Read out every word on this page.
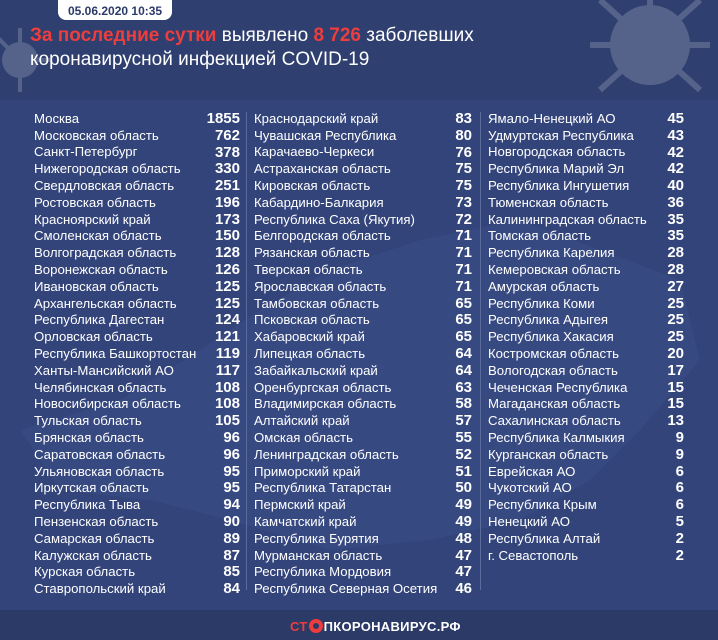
05.06.2020 10:35
За последние сутки выявлено 8 726 заболевших
коронавирусной инфекцией COVID-19
Москва	1855
Московская область	762
Санкт-Петербург	378
Нижегородская область 330
Свердловская область	251
Ростовская область	196
Красноярский край	173
Смоленская область	150
Волгоградская область	128
Воронежская область	126
Ивановская область	125
Архангельская область	125
Республика Дагестан	124
Орловская область	121
Республика Башкортостан 119
Ханты-Мансийский АО	117
Челябинская область	108
Новосибирская область 108
Тульская область	105
Брянская область	96
Саратовская область	96
Ульяновская область	95
Иркутская область	95
Республика Тыва	94
Пензенская область	90
Самарская область	89
Калужская область	87
Курская область	85
Ставропольский край	84
Краснодарский край	83
Чувашская Республика	80
Карачаево-Черкеси	76
Астраханская область	75
Кировская область	75
Кабардино-Балкария	73
Республика Саха (Якутия)	72
Белгородская область	71
Рязанская область	71
Тверская область	71
Ярославская область	71
Тамбовская область	65
Псковская область	65
Хабаровский край	65
Липецкая область	64
Забайкальский край	64
Оренбургская область	63
Владимирская область	58
Алтайский край	57
Омская область	55
Ленинградская область	52
Приморский край	51
Республика Татарстан	50
Пермский край	49
Камчатский край	49
Республика Бурятия	48
Мурманская область	47
Республика Мордовия	47
Республика Северная Осетия 46
Ямало-Ненецкий АО	45
Удмуртская Республика 43
Новгородская область	42
Республика Марий Эл	42
Республика Ингушетия	40
Тюменская область	36
Калининградская область 35
Томская область	35
Республика Карелия	28
Кемеровская область	28
Амурская область	27
Республика Коми	25
Республика Адыгея	25
Республика Хакасия	25
Костромская область	20
Вологодская область	17
Чеченская Республика	15
Магаданская область	15
Сахалинская область	13
Республика Калмыкия	9
Курганская область	9
Еврейская АО	6
Чукотский АО	6
Республика Крым	6
Ненецкий АО	5
Республика Алтай	2
г. Севастополь	2
СТ ПКОРОНАВИРУС.РФ
